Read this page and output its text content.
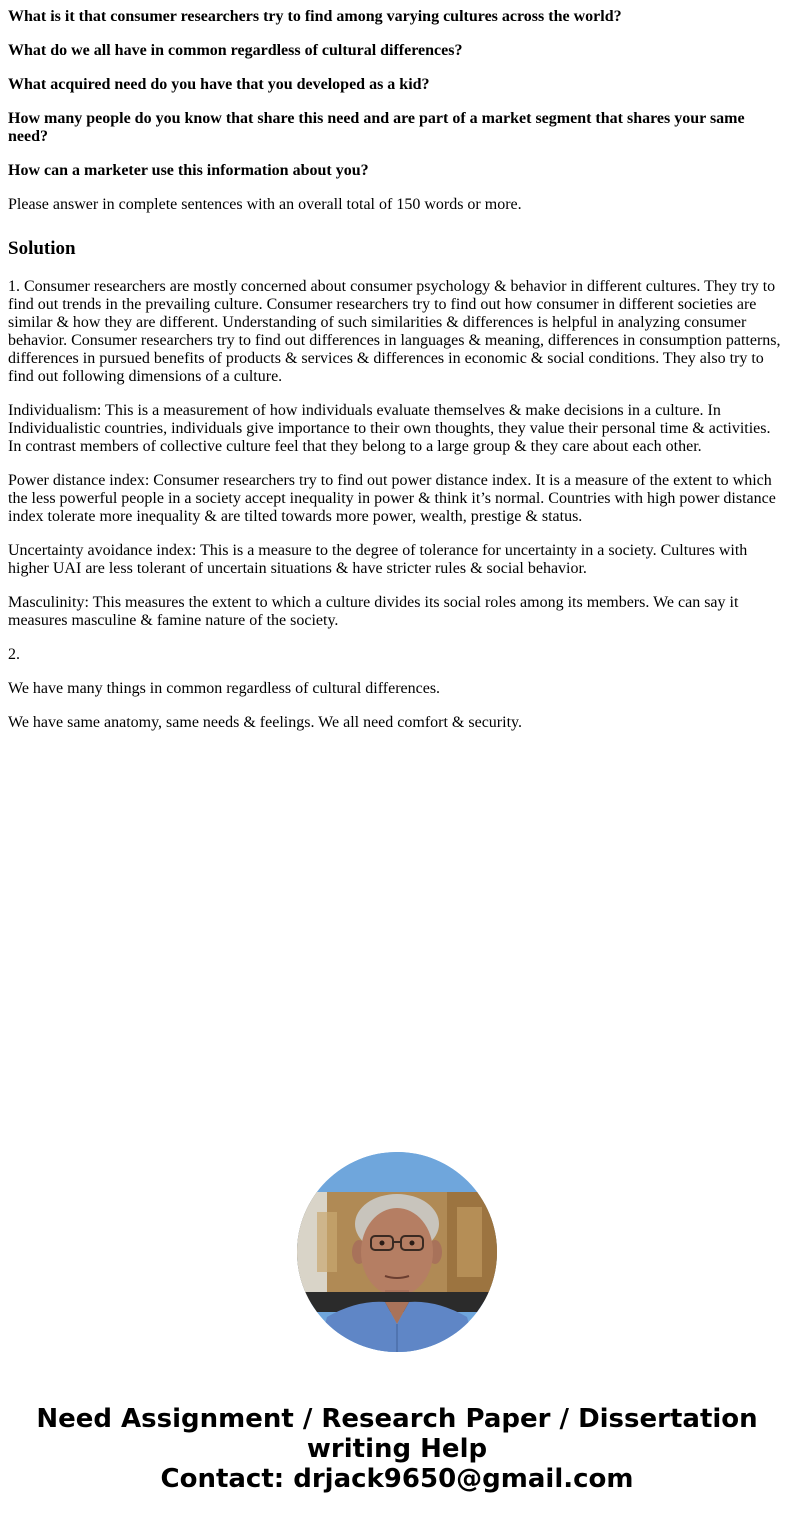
What is it that consumer researchers try to find among varying cultures across the world?
What do we all have in common regardless of cultural differences?
What acquired need do you have that you developed as a kid?
How many people do you know that share this need and are part of a market segment that shares your same need?
How can a marketer use this information about you?
Please answer in complete sentences with an overall total of 150 words or more.
Solution
1. Consumer researchers are mostly concerned about consumer psychology & behavior in different cultures. They try to find out trends in the prevailing culture. Consumer researchers try to find out how consumer in different societies are similar & how they are different. Understanding of such similarities & differences is helpful in analyzing consumer behavior. Consumer researchers try to find out differences in languages & meaning, differences in consumption patterns, differences in pursued benefits of products & services & differences in economic & social conditions. They also try to find out following dimensions of a culture.
Individualism: This is a measurement of how individuals evaluate themselves & make decisions in a culture. In Individualistic countries, individuals give importance to their own thoughts, they value their personal time & activities. In contrast members of collective culture feel that they belong to a large group & they care about each other.
Power distance index: Consumer researchers try to find out power distance index. It is a measure of the extent to which the less powerful people in a society accept inequality in power & think it’s normal. Countries with high power distance index tolerate more inequality & are tilted towards more power, wealth, prestige & status.
Uncertainty avoidance index: This is a measure to the degree of tolerance for uncertainty in a society. Cultures with higher UAI are less tolerant of uncertain situations & have stricter rules & social behavior.
Masculinity: This measures the extent to which a culture divides its social roles among its members. We can say it measures masculine & famine nature of the society.
2.
We have many things in common regardless of cultural differences.
We have same anatomy, same needs & feelings. We all need comfort & security.
Need Assignment / Research Paper / Dissertation
writing Help
Contact: drjack9650@gmail.com
